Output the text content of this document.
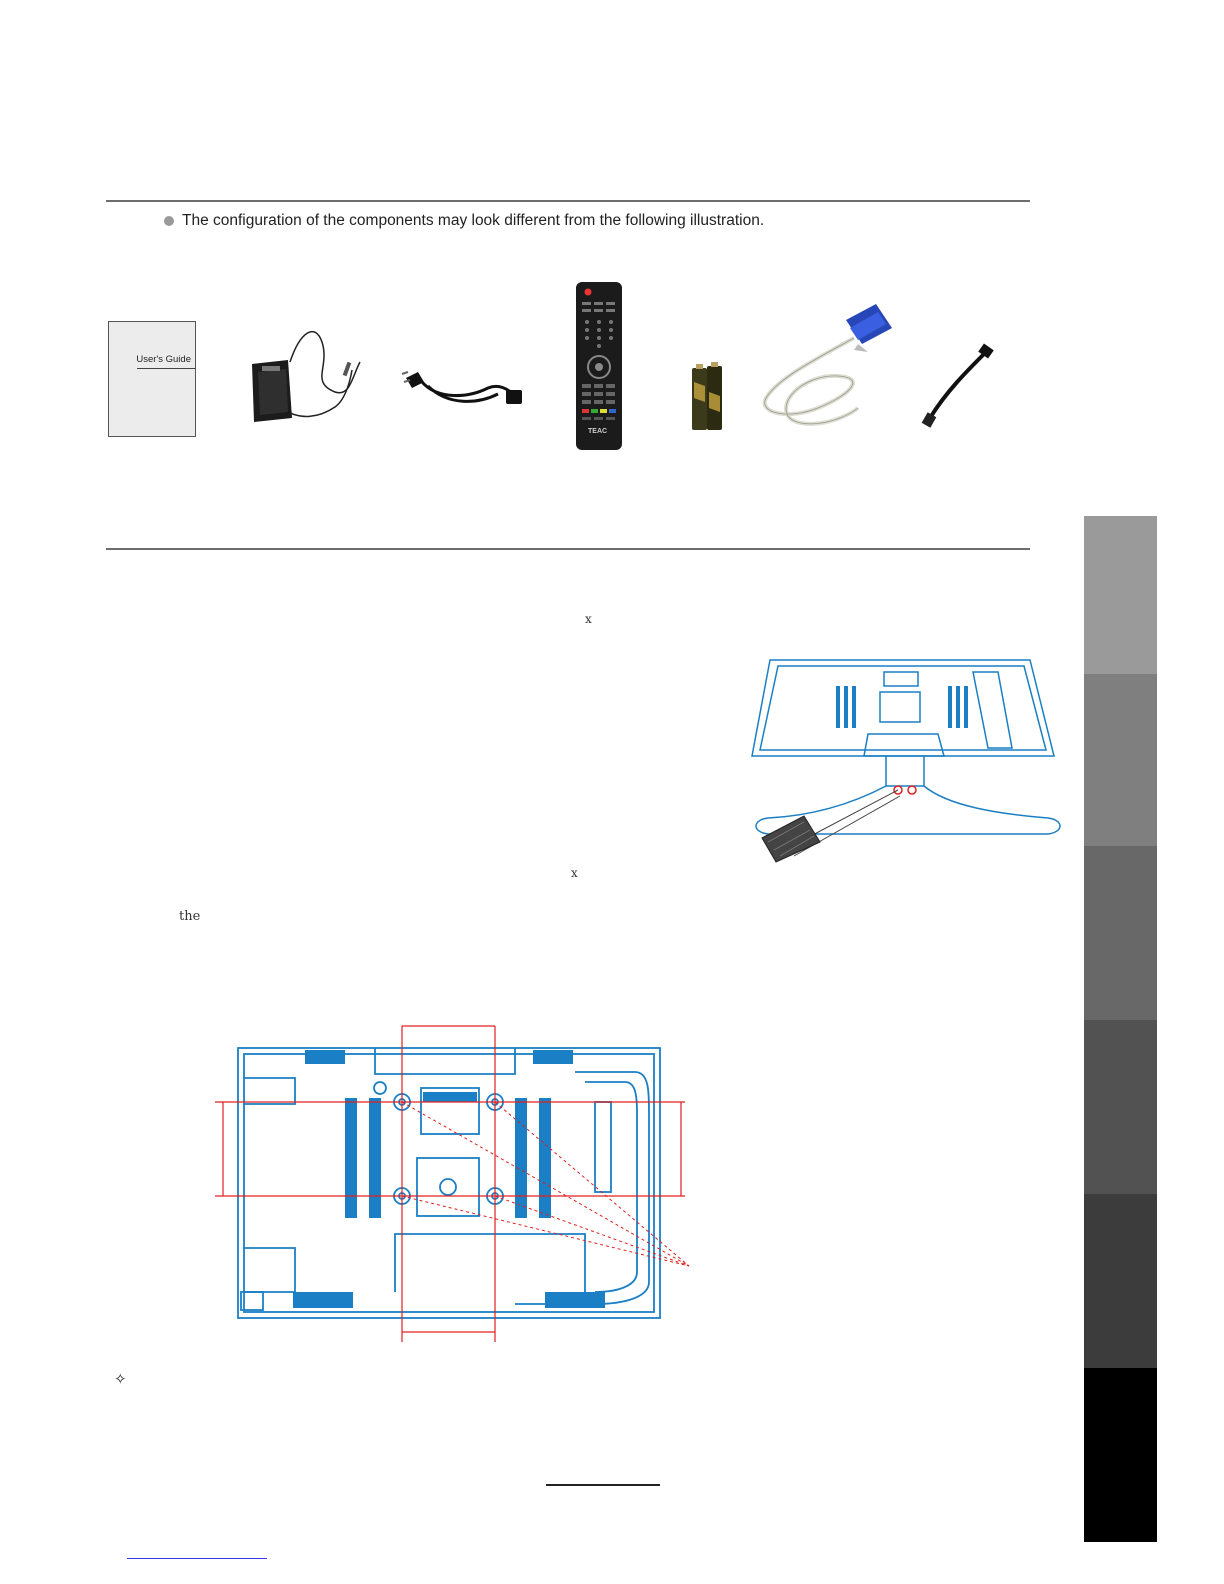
The configuration of the components may look different from the following illustration.
User's Guide
TEAC
x
x
the
✧
